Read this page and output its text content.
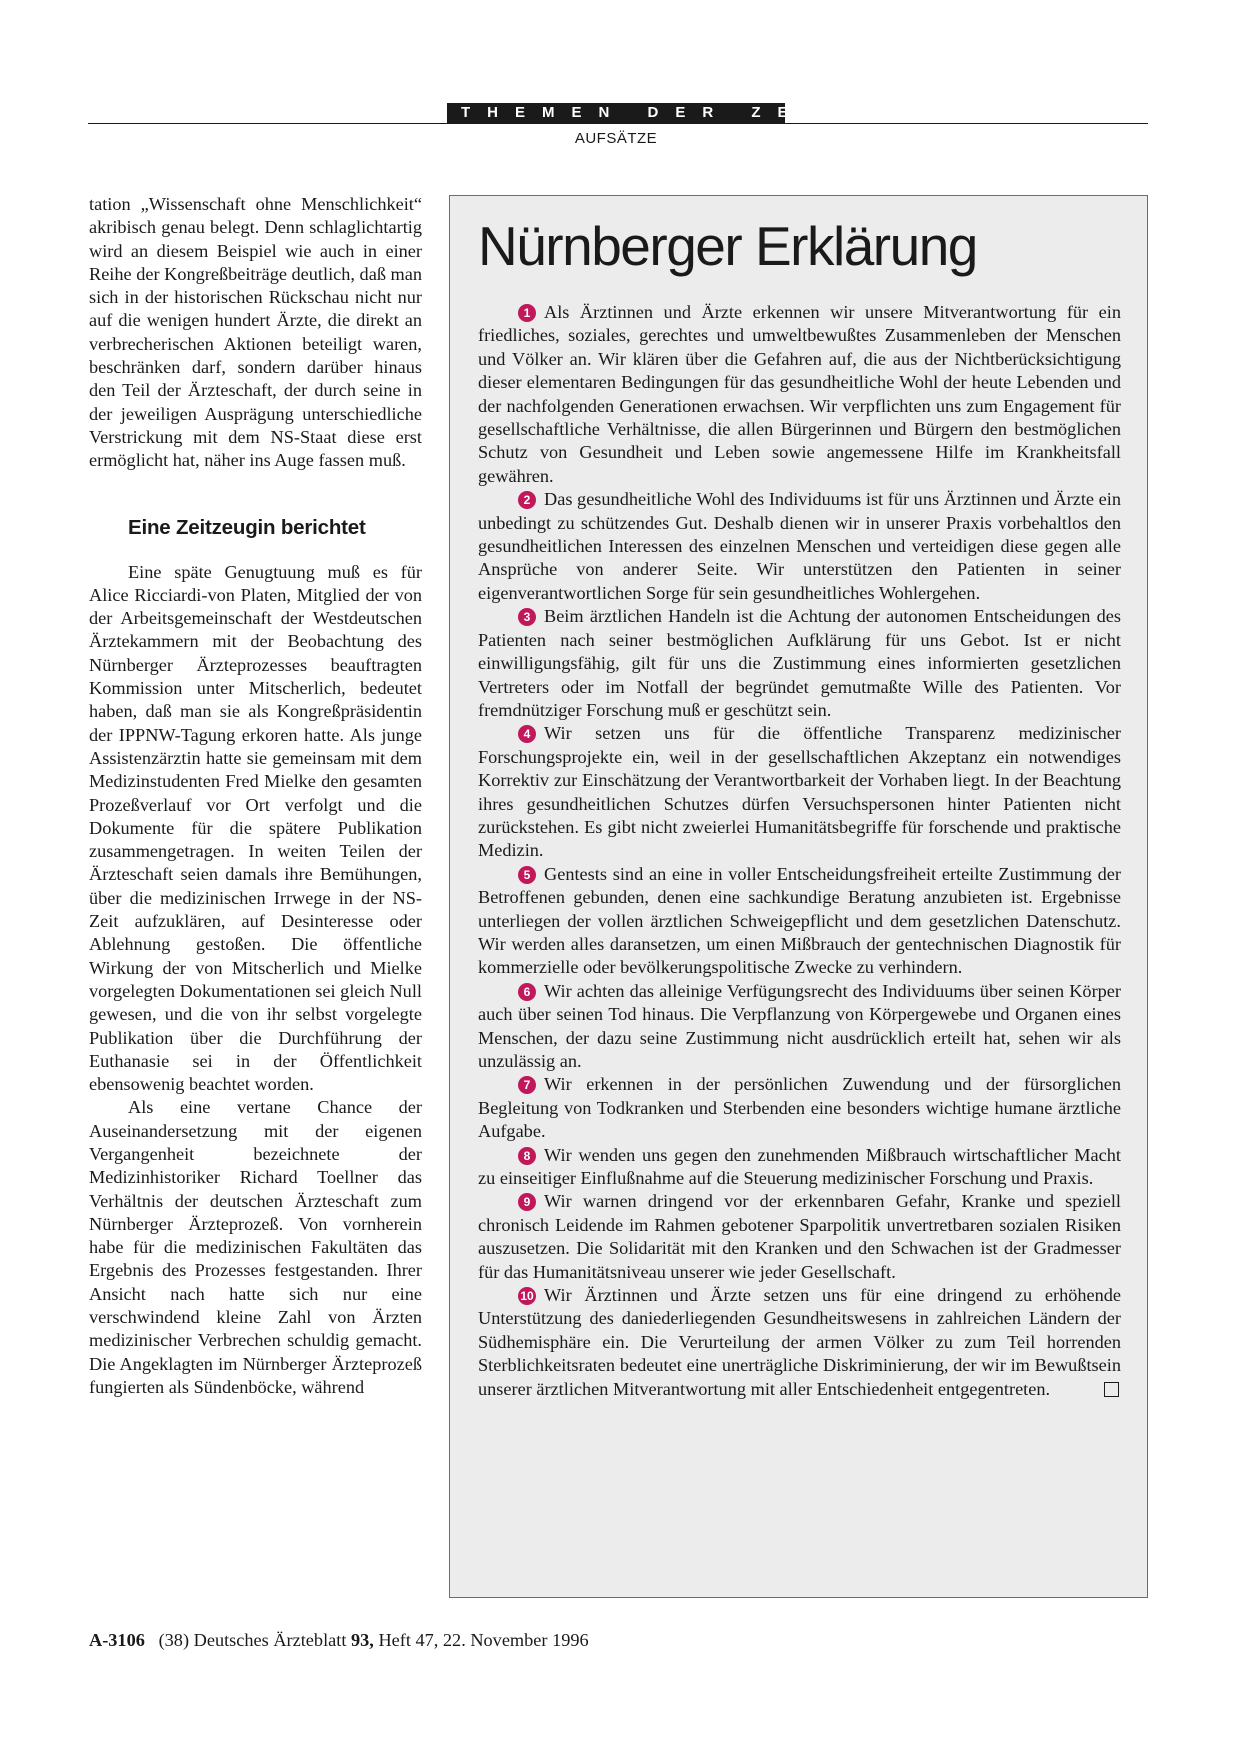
THEMEN DER ZEIT
AUFSÄTZE

tation „Wissenschaft ohne Menschlichkeit“ akribisch genau belegt. Denn schlaglichtartig wird an diesem Beispiel wie auch in einer Reihe der Kongreßbeiträge deutlich, daß man sich in der historischen Rückschau nicht nur auf die wenigen hundert Ärzte, die direkt an verbrecherischen Aktionen beteiligt waren, beschränken darf, sondern darüber hinaus den Teil der Ärzteschaft, der durch seine in der jeweiligen Ausprägung unterschiedliche Verstrickung mit dem NS-Staat diese erst ermöglicht hat, näher ins Auge fassen muß.

Eine Zeitzeugin berichtet

Eine späte Genugtuung muß es für Alice Ricciardi-von Platen, Mitglied der von der Arbeitsgemeinschaft der Westdeutschen Ärztekammern mit der Beobachtung des Nürnberger Ärzteprozesses beauftragten Kommission unter Mitscherlich, bedeutet haben, daß man sie als Kongreßpräsidentin der IPPNW-Tagung erkoren hatte. Als junge Assistenzärztin hatte sie gemeinsam mit dem Medizinstudenten Fred Mielke den gesamten Prozeßverlauf vor Ort verfolgt und die Dokumente für die spätere Publikation zusammengetragen. In weiten Teilen der Ärzteschaft seien damals ihre Bemühungen, über die medizinischen Irrwege in der NS-Zeit aufzuklären, auf Desinteresse oder Ablehnung gestoßen. Die öffentliche Wirkung der von Mitscherlich und Mielke vorgelegten Dokumentationen sei gleich Null gewesen, und die von ihr selbst vorgelegte Publikation über die Durchführung der Euthanasie sei in der Öffentlichkeit ebensowenig beachtet worden.

Als eine vertane Chance der Auseinandersetzung mit der eigenen Vergangenheit bezeichnete der Medizinhistoriker Richard Toellner das Verhältnis der deutschen Ärzteschaft zum Nürnberger Ärzteprozeß. Von vornherein habe für die medizinischen Fakultäten das Ergebnis des Prozesses festgestanden. Ihrer Ansicht nach hatte sich nur eine verschwindend kleine Zahl von Ärzten medizinischer Verbrechen schuldig gemacht. Die Angeklagten im Nürnberger Ärzteprozeß fungierten als Sündenböcke, während

Nürnberger Erklärung

1 Als Ärztinnen und Ärzte erkennen wir unsere Mitverantwortung für ein friedliches, soziales, gerechtes und umweltbewußtes Zusammenleben der Menschen und Völker an. Wir klären über die Gefahren auf, die aus der Nichtberücksichtigung dieser elementaren Bedingungen für das gesundheitliche Wohl der heute Lebenden und der nachfolgenden Generationen erwachsen. Wir verpflichten uns zum Engagement für gesellschaftliche Verhältnisse, die allen Bürgerinnen und Bürgern den bestmöglichen Schutz von Gesundheit und Leben sowie angemessene Hilfe im Krankheitsfall gewähren.

2 Das gesundheitliche Wohl des Individuums ist für uns Ärztinnen und Ärzte ein unbedingt zu schützendes Gut. Deshalb dienen wir in unserer Praxis vorbehaltlos den gesundheitlichen Interessen des einzelnen Menschen und verteidigen diese gegen alle Ansprüche von anderer Seite. Wir unterstützen den Patienten in seiner eigenverantwortlichen Sorge für sein gesundheitliches Wohlergehen.

3 Beim ärztlichen Handeln ist die Achtung der autonomen Entscheidungen des Patienten nach seiner bestmöglichen Aufklärung für uns Gebot. Ist er nicht einwilligungsfähig, gilt für uns die Zustimmung eines informierten gesetzlichen Vertreters oder im Notfall der begründet gemutmaßte Wille des Patienten. Vor fremdnütziger Forschung muß er geschützt sein.

4 Wir setzen uns für die öffentliche Transparenz medizinischer Forschungsprojekte ein, weil in der gesellschaftlichen Akzeptanz ein notwendiges Korrektiv zur Einschätzung der Verantwortbarkeit der Vorhaben liegt. In der Beachtung ihres gesundheitlichen Schutzes dürfen Versuchspersonen hinter Patienten nicht zurückstehen. Es gibt nicht zweierlei Humanitätsbegriffe für forschende und praktische Medizin.

5 Gentests sind an eine in voller Entscheidungsfreiheit erteilte Zustimmung der Betroffenen gebunden, denen eine sachkundige Beratung anzubieten ist. Ergebnisse unterliegen der vollen ärztlichen Schweigepflicht und dem gesetzlichen Datenschutz. Wir werden alles daransetzen, um einen Mißbrauch der gentechnischen Diagnostik für kommerzielle oder bevölkerungspolitische Zwecke zu verhindern.

6 Wir achten das alleinige Verfügungsrecht des Individuums über seinen Körper auch über seinen Tod hinaus. Die Verpflanzung von Körpergewebe und Organen eines Menschen, der dazu seine Zustimmung nicht ausdrücklich erteilt hat, sehen wir als unzulässig an.

7 Wir erkennen in der persönlichen Zuwendung und der fürsorglichen Begleitung von Todkranken und Sterbenden eine besonders wichtige humane ärztliche Aufgabe.

8 Wir wenden uns gegen den zunehmenden Mißbrauch wirtschaftlicher Macht zu einseitiger Einflußnahme auf die Steuerung medizinischer Forschung und Praxis.

9 Wir warnen dringend vor der erkennbaren Gefahr, Kranke und speziell chronisch Leidende im Rahmen gebotener Sparpolitik unvertretbaren sozialen Risiken auszusetzen. Die Solidarität mit den Kranken und den Schwachen ist der Gradmesser für das Humanitätsniveau unserer wie jeder Gesellschaft.

10 Wir Ärztinnen und Ärzte setzen uns für eine dringend zu erhöhende Unterstützung des daniederliegenden Gesundheitswesens in zahlreichen Ländern der Südhemisphäre ein. Die Verurteilung der armen Völker zu zum Teil horrenden Sterblichkeitsraten bedeutet eine unerträgliche Diskriminierung, der wir im Bewußtsein unserer ärztlichen Mitverantwortung mit aller Entschiedenheit entgegentreten.

A-3106 (38) Deutsches Ärzteblatt 93, Heft 47, 22. November 1996
